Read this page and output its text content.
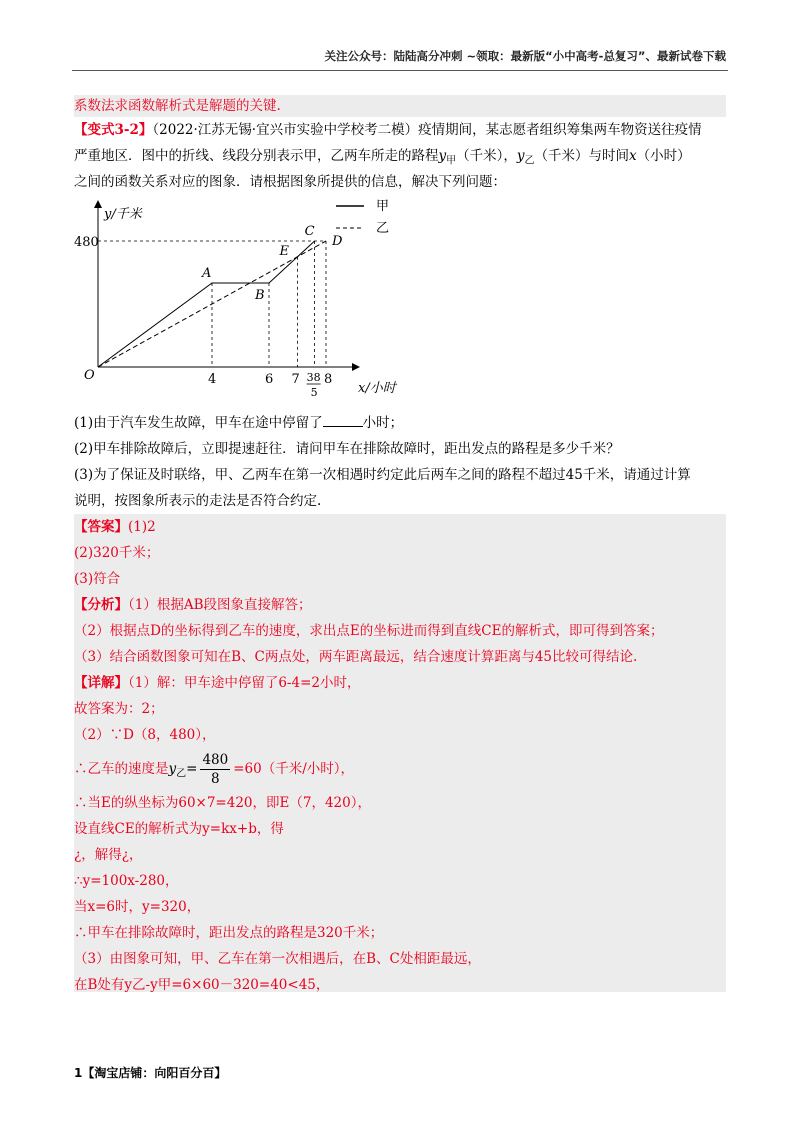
关注公众号：陆陆高分冲刺 ~领取：最新版“小中高考-总复习”、最新试卷下载
系数法求函数解析式是解题的关键.
【变式3-2】（2022·江苏无锡·宜兴市实验中学校考二模）疫情期间，某志愿者组织筹集两车物资送往疫情
严重地区．图中的折线、线段分别表示甲，乙两车所走的路程$y_甲$（千米），$y_乙$（千米）与时间x（小时）
之间的函数关系对应的图象．请根据图象所提供的信息，解决下列问题：
y/千米
x/小时
O
480
4	6 7 8
38
5
A
B
C
D
E
甲
乙
(1)由于汽车发生故障，甲车在途中停留了	小时；
(2)甲车排除故障后，立即提速赶往．请问甲车在排除故障时，距出发点的路程是多少千米？
(3)为了保证及时联络，甲、乙两车在第一次相遇时约定此后两车之间的路程不超过45千米，请通过计算
说明，按图象所表示的走法是否符合约定.
【答案】(1)2
(2)320千米；
(3)符合
【分析】（1）根据AB段图象直接解答；
（2）根据点D的坐标得到乙车的速度，求出点E的坐标进而得到直线CE的解析式，即可得到答案；
（3）结合函数图象可知在B、C两点处，两车距离最远，结合速度计算距离与45比较可得结论.
【详解】（1）解：甲车途中停留了6-4=2小时，
故答案为：2；
（2）∵D（8，480），
∴乙车的速度是$y_乙= \frac{480}{8} =60$（千米/小时），
∴当E的纵坐标为60×7=420，即E（7，420），
设直线CE的解析式为y=kx+b，得
¿，解得¿，
∴y=100x-280，
当x=6时，y=320，
∴甲车在排除故障时，距出发点的路程是320千米；
（3）由图象可知，甲、乙车在第一次相遇后，在B、C处相距最远，
在B处有y乙-y甲=6×60－320=40<45，
1【淘宝店铺：向阳百分百】
